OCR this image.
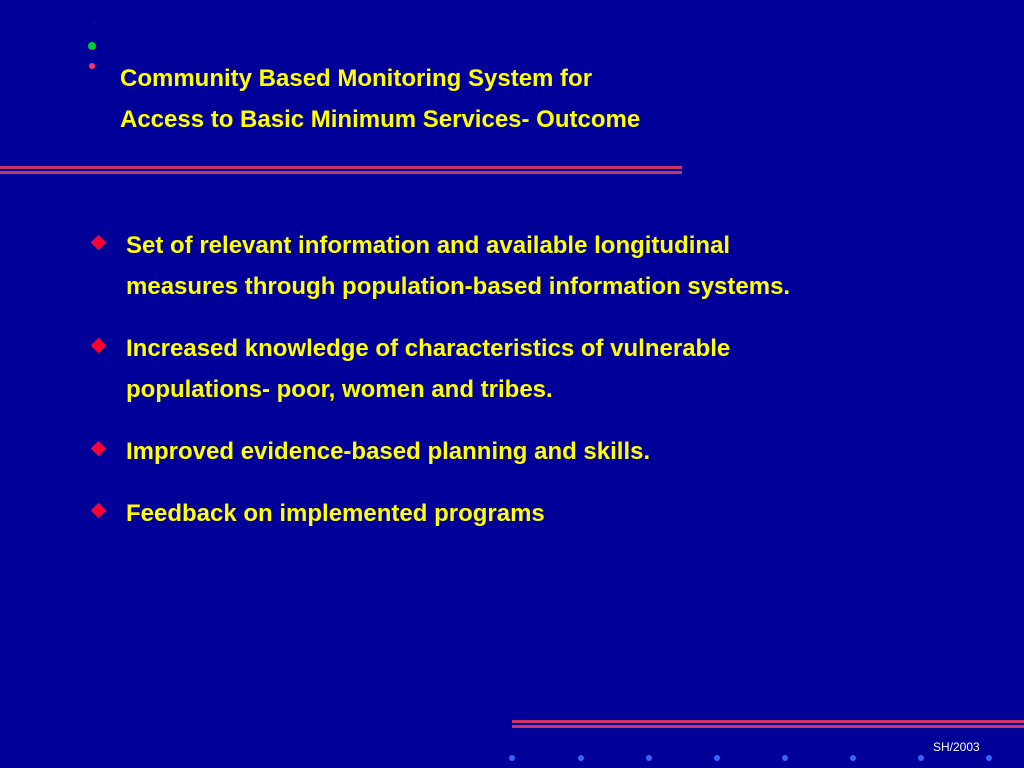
Community Based Monitoring System for
Access to Basic Minimum Services- Outcome
Set of relevant information and available longitudinal
measures through population-based information systems.
Increased knowledge of characteristics of vulnerable
populations- poor, women and tribes.
Improved evidence-based planning and skills.
Feedback on implemented programs
SH/2003
